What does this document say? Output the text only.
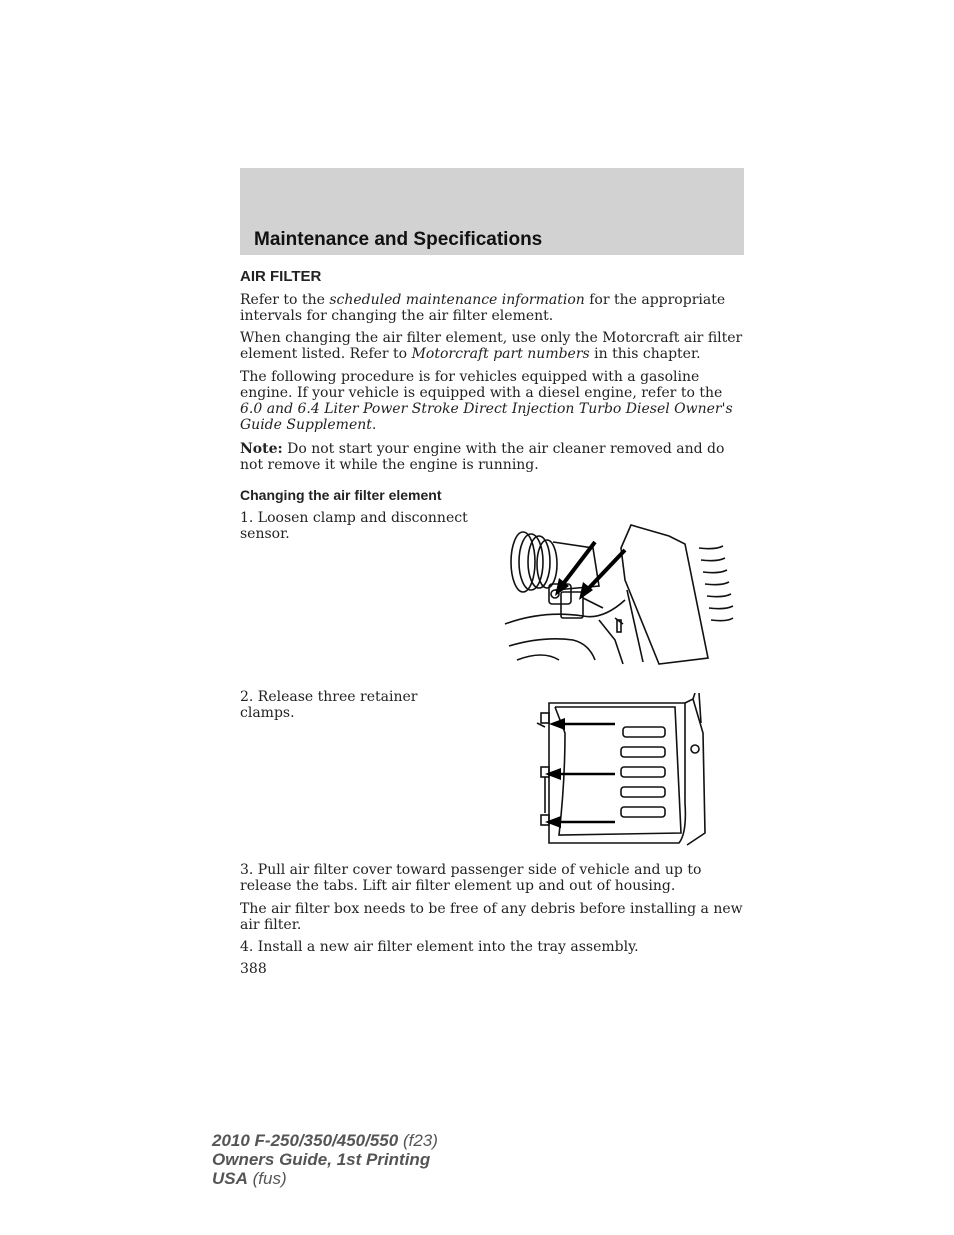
Maintenance and Specifications
AIR FILTER

Refer to the scheduled maintenance information for the appropriate intervals for changing the air filter element.

When changing the air filter element, use only the Motorcraft air filter element listed. Refer to Motorcraft part numbers in this chapter.

The following procedure is for vehicles equipped with a gasoline engine. If your vehicle is equipped with a diesel engine, refer to the 6.0 and 6.4 Liter Power Stroke Direct Injection Turbo Diesel Owner's Guide Supplement.

Note: Do not start your engine with the air cleaner removed and do not remove it while the engine is running.

Changing the air filter element

1. Loosen clamp and disconnect sensor.

2. Release three retainer clamps.

3. Pull air filter cover toward passenger side of vehicle and up to release the tabs. Lift air filter element up and out of housing.

The air filter box needs to be free of any debris before installing a new air filter.

4. Install a new air filter element into the tray assembly.

388

2010 F-250/350/450/550 (f23)
Owners Guide, 1st Printing
USA (fus)
